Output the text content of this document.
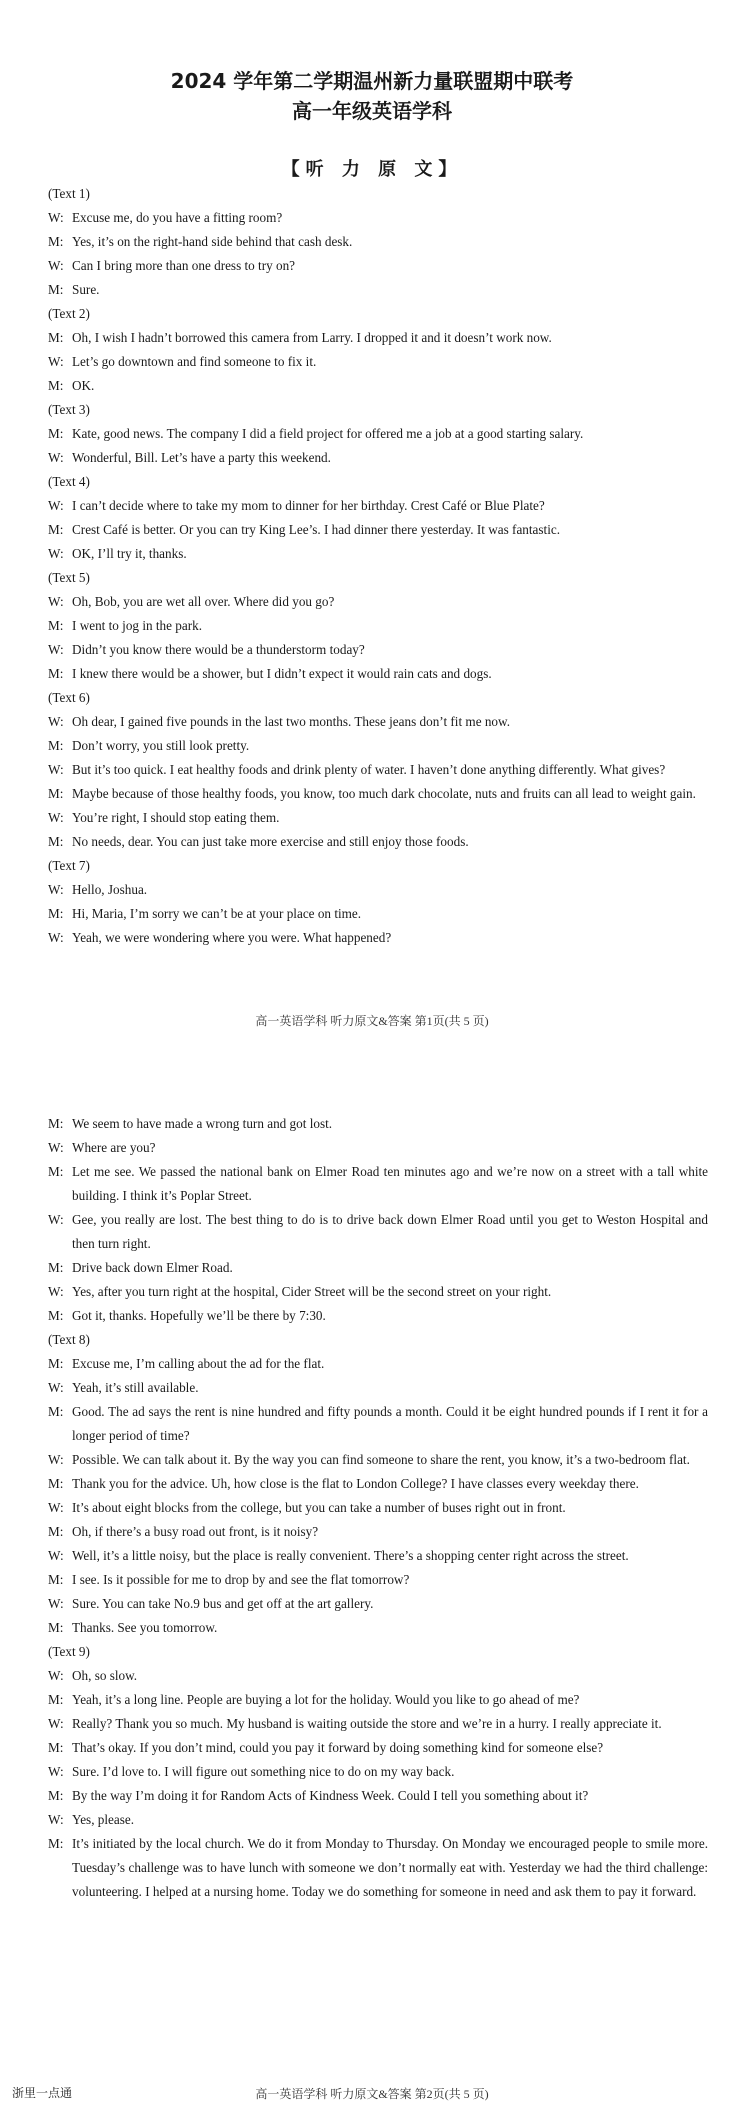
2024 学年第二学期温州新力量联盟期中联考
高一年级英语学科
【听 力 原 文】
(Text 1)
W: Excuse me, do you have a fitting room?
M: Yes, it’s on the right-hand side behind that cash desk.
W: Can I bring more than one dress to try on?
M: Sure.
(Text 2)
M: Oh, I wish I hadn’t borrowed this camera from Larry. I dropped it and it doesn’t work now.
W: Let’s go downtown and find someone to fix it.
M: OK.
(Text 3)
M: Kate, good news. The company I did a field project for offered me a job at a good starting salary.
W: Wonderful, Bill. Let’s have a party this weekend.
(Text 4)
W: I can’t decide where to take my mom to dinner for her birthday. Crest Café or Blue Plate?
M: Crest Café is better. Or you can try King Lee’s. I had dinner there yesterday. It was fantastic.
W: OK, I’ll try it, thanks.
(Text 5)
W: Oh, Bob, you are wet all over. Where did you go?
M: I went to jog in the park.
W: Didn’t you know there would be a thunderstorm today?
M: I knew there would be a shower, but I didn’t expect it would rain cats and dogs.
(Text 6)
W: Oh dear, I gained five pounds in the last two months. These jeans don’t fit me now.
M: Don’t worry, you still look pretty.
W: But it’s too quick. I eat healthy foods and drink plenty of water. I haven’t done anything differently. What gives?
M: Maybe because of those healthy foods, you know, too much dark chocolate, nuts and fruits can all lead to weight gain.
W: You’re right, I should stop eating them.
M: No needs, dear. You can just take more exercise and still enjoy those foods.
(Text 7)
W: Hello, Joshua.
M: Hi, Maria, I’m sorry we can’t be at your place on time.
W: Yeah, we were wondering where you were. What happened?
高一英语学科 听力原文&答案 第1页(共 5 页)
M: We seem to have made a wrong turn and got lost.
W: Where are you?
M: Let me see. We passed the national bank on Elmer Road ten minutes ago and we’re now on a street with a tall white building. I think it’s Poplar Street.
W: Gee, you really are lost. The best thing to do is to drive back down Elmer Road until you get to Weston Hospital and then turn right.
M: Drive back down Elmer Road.
W: Yes, after you turn right at the hospital, Cider Street will be the second street on your right.
M: Got it, thanks. Hopefully we’ll be there by 7:30.
(Text 8)
M: Excuse me, I’m calling about the ad for the flat.
W: Yeah, it’s still available.
M: Good. The ad says the rent is nine hundred and fifty pounds a month. Could it be eight hundred pounds if I rent it for a longer period of time?
W: Possible. We can talk about it. By the way you can find someone to share the rent, you know, it’s a two-bedroom flat.
M: Thank you for the advice. Uh, how close is the flat to London College? I have classes every weekday there.
W: It’s about eight blocks from the college, but you can take a number of buses right out in front.
M: Oh, if there’s a busy road out front, is it noisy?
W: Well, it’s a little noisy, but the place is really convenient. There’s a shopping center right across the street.
M: I see. Is it possible for me to drop by and see the flat tomorrow?
W: Sure. You can take No.9 bus and get off at the art gallery.
M: Thanks. See you tomorrow.
(Text 9)
W: Oh, so slow.
M: Yeah, it’s a long line. People are buying a lot for the holiday. Would you like to go ahead of me?
W: Really? Thank you so much. My husband is waiting outside the store and we’re in a hurry. I really appreciate it.
M: That’s okay. If you don’t mind, could you pay it forward by doing something kind for someone else?
W: Sure. I’d love to. I will figure out something nice to do on my way back.
M: By the way I’m doing it for Random Acts of Kindness Week. Could I tell you something about it?
W: Yes, please.
M: It’s initiated by the local church. We do it from Monday to Thursday. On Monday we encouraged people to smile more. Tuesday’s challenge was to have lunch with someone we don’t normally eat with. Yesterday we had the third challenge: volunteering. I helped at a nursing home. Today we do something for someone in need and ask them to pay it forward.
高一英语学科 听力原文&答案 第2页(共 5 页)
浙里一点通
